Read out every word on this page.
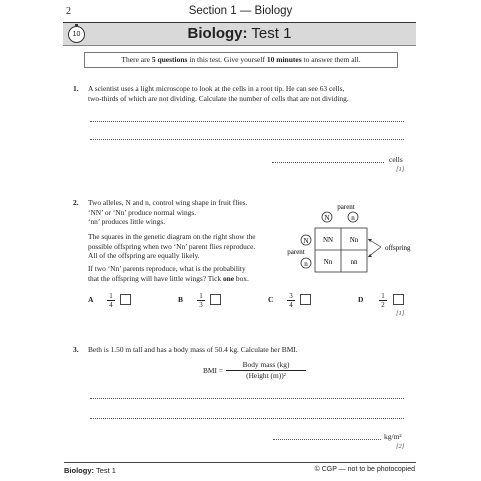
2	Section 1 — Biology
Biology: Test 1
10
There are 5 questions in this test. Give yourself 10 minutes to answer them all.
1. A scientist uses a light microscope to look at the cells in a root tip. He can see 63 cells,
two-thirds of which are not dividing. Calculate the number of cells that are not dividing.
cells
[1]
2. Two alleles, N and n, control wing shape in fruit flies.
‘NN’ or ‘Nn’ produce normal wings.
‘nn’ produces little wings.
The squares in the genetic diagram on the right show the
possible offspring when two ‘Nn’ parent flies reproduce.
All of the offspring are equally likely.
If two ‘Nn’ parents reproduce, what is the probability
that the offspring will have little wings? Tick one box.
parent
N	n
N
n
parent
NN Nn
Nn	nn
offspring
A $\frac{1}{4}$	B $\frac{1}{3}$	C $\frac{3}{4}$	D $\frac{1}{2}$
[1]
3. Beth is 1.50 m tall and has a body mass of 50.4 kg. Calculate her BMI.
BMI =
Body mass (kg)
(Height (m))²
kg/m²
[2]
Biology: Test 1	© CGP — not to be photocopied
